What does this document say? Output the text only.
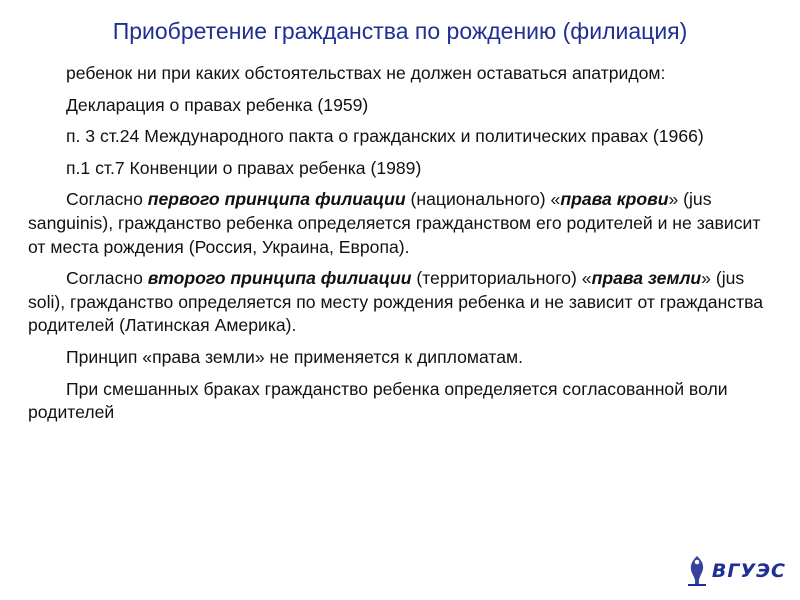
Приобретение гражданства по рождению (филиация)

ребенок ни при каких обстоятельствах не должен оставаться апатридом:

Декларация о правах ребенка (1959)

п. 3 ст.24 Международного пакта о гражданских и политических правах (1966)

п.1 ст.7 Конвенции о правах ребенка (1989)

Согласно первого принципа филиации (национального) «права крови» (jus sanguinis), гражданство ребенка определяется гражданством его родителей и не зависит от места рождения (Россия, Украина, Европа).

Согласно второго принципа филиации (территориального) «права земли» (jus soli), гражданство определяется по месту рождения ребенка и не зависит от гражданства родителей (Латинская Америка).

Принцип «права земли» не применяется к дипломатам.

При смешанных браках гражданство ребенка определяется согласованной воли родителей

ВГУЭС
